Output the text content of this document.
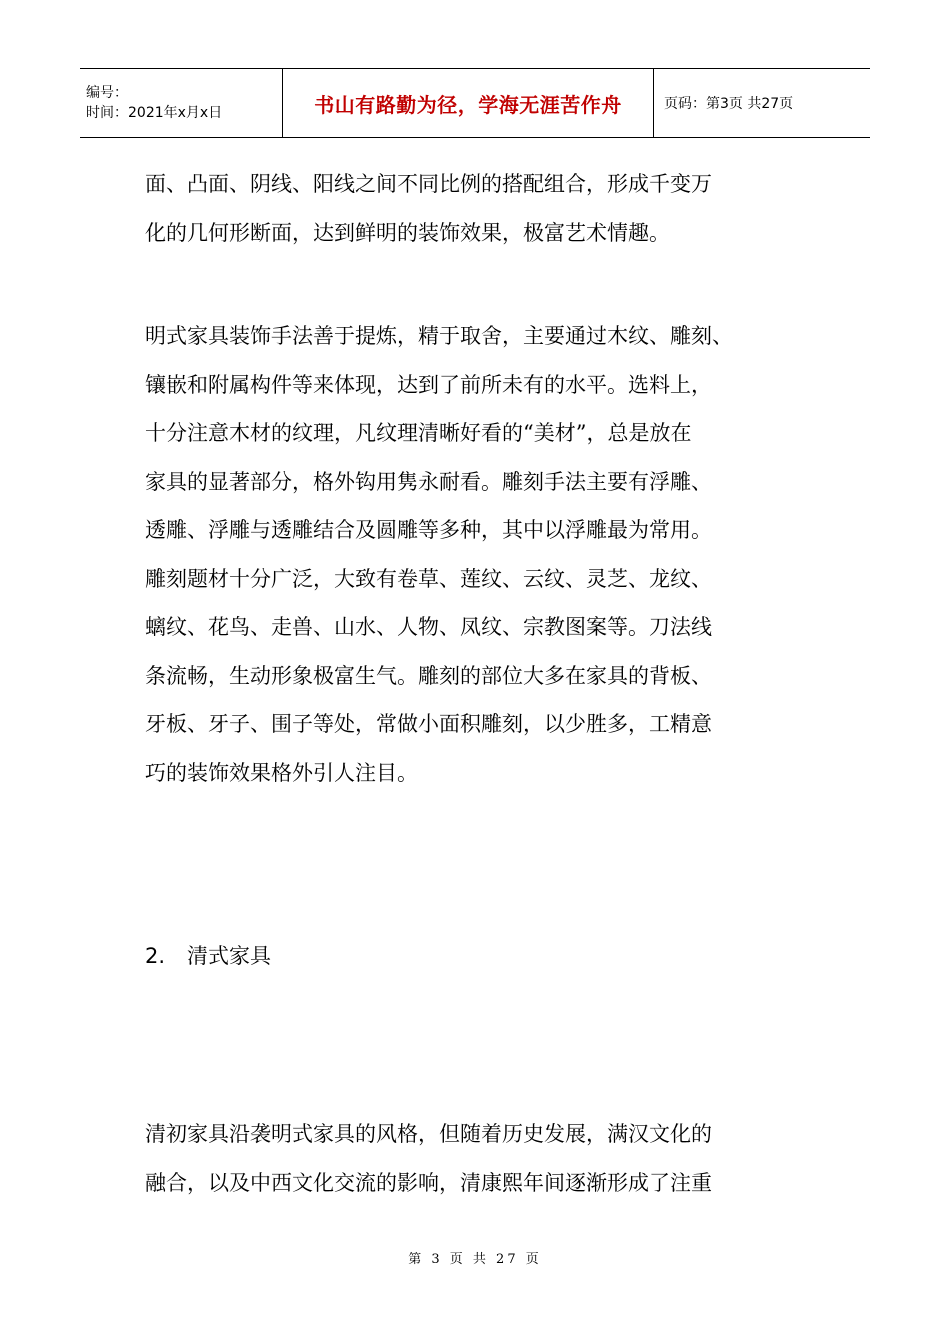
编号：
时间：2021年x月x日	书山有路勤为径，学海无涯苦作舟	页码：第3页 共27页

面、凸面、阴线、阳线之间不同比例的搭配组合，形成千变万

化的几何形断面，达到鲜明的装饰效果，极富艺术情趣。

明式家具装饰手法善于提炼，精于取舍，主要通过木纹、雕刻、

镶嵌和附属构件等来体现，达到了前所未有的水平。选料上，

十分注意木材的纹理，凡纹理清晰好看的“美材”，总是放在

家具的显著部分，格外钩用隽永耐看。雕刻手法主要有浮雕、

透雕、浮雕与透雕结合及圆雕等多种，其中以浮雕最为常用。

雕刻题材十分广泛，大致有卷草、莲纹、云纹、灵芝、龙纹、

螭纹、花鸟、走兽、山水、人物、凤纹、宗教图案等。刀法线

条流畅，生动形象极富生气。雕刻的部位大多在家具的背板、

牙板、牙子、围子等处，常做小面积雕刻，以少胜多，工精意

巧的装饰效果格外引人注目。

2. 清式家具

清初家具沿袭明式家具的风格，但随着历史发展，满汉文化的

融合，以及中西文化交流的影响，清康熙年间逐渐形成了注重

第 3 页 共 27 页
